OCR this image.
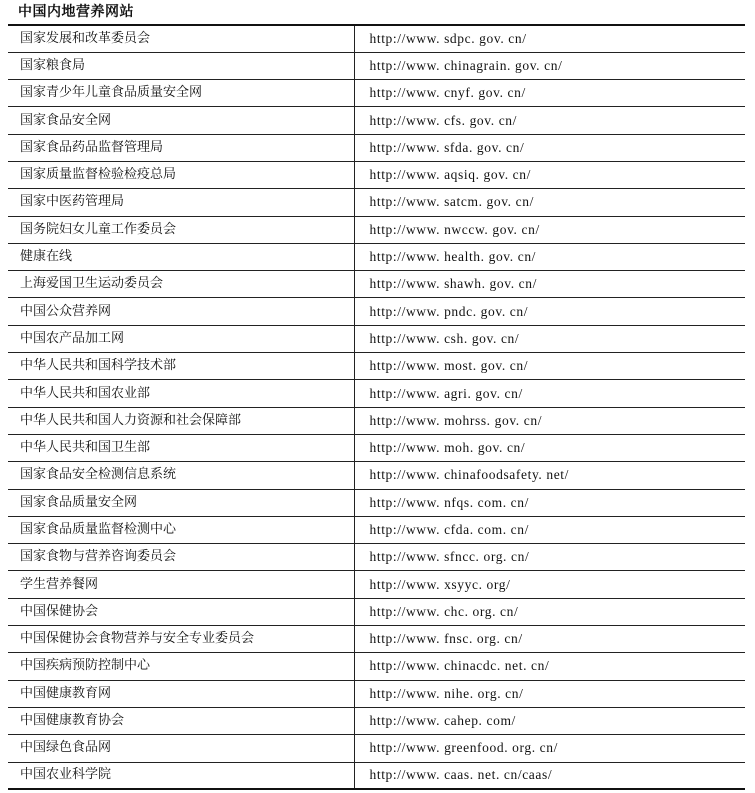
中国内地营养网站
国家发展和改革委员会	http://www. sdpc. gov. cn/
国家粮食局	http://www. chinagrain. gov. cn/
国家青少年儿童食品质量安全网	http://www. cnyf. gov. cn/
国家食品安全网	http://www. cfs. gov. cn/
国家食品药品监督管理局	http://www. sfda. gov. cn/
国家质量监督检验检疫总局	http://www. aqsiq. gov. cn/
国家中医药管理局	http://www. satcm. gov. cn/
国务院妇女儿童工作委员会	http://www. nwccw. gov. cn/
健康在线	http://www. health. gov. cn/
上海爱国卫生运动委员会	http://www. shawh. gov. cn/
中国公众营养网	http://www. pndc. gov. cn/
中国农产品加工网	http://www. csh. gov. cn/
中华人民共和国科学技术部	http://www. most. gov. cn/
中华人民共和国农业部	http://www. agri. gov. cn/
中华人民共和国人力资源和社会保障部	http://www. mohrss. gov. cn/
中华人民共和国卫生部	http://www. moh. gov. cn/
国家食品安全检测信息系统	http://www. chinafoodsafety. net/
国家食品质量安全网	http://www. nfqs. com. cn/
国家食品质量监督检测中心	http://www. cfda. com. cn/
国家食物与营养咨询委员会	http://www. sfncc. org. cn/
学生营养餐网	http://www. xsyyc. org/
中国保健协会	http://www. chc. org. cn/
中国保健协会食物营养与安全专业委员会	http://www. fnsc. org. cn/
中国疾病预防控制中心	http://www. chinacdc. net. cn/
中国健康教育网	http://www. nihe. org. cn/
中国健康教育协会	http://www. cahep. com/
中国绿色食品网	http://www. greenfood. org. cn/
中国农业科学院	http://www. caas. net. cn/caas/
